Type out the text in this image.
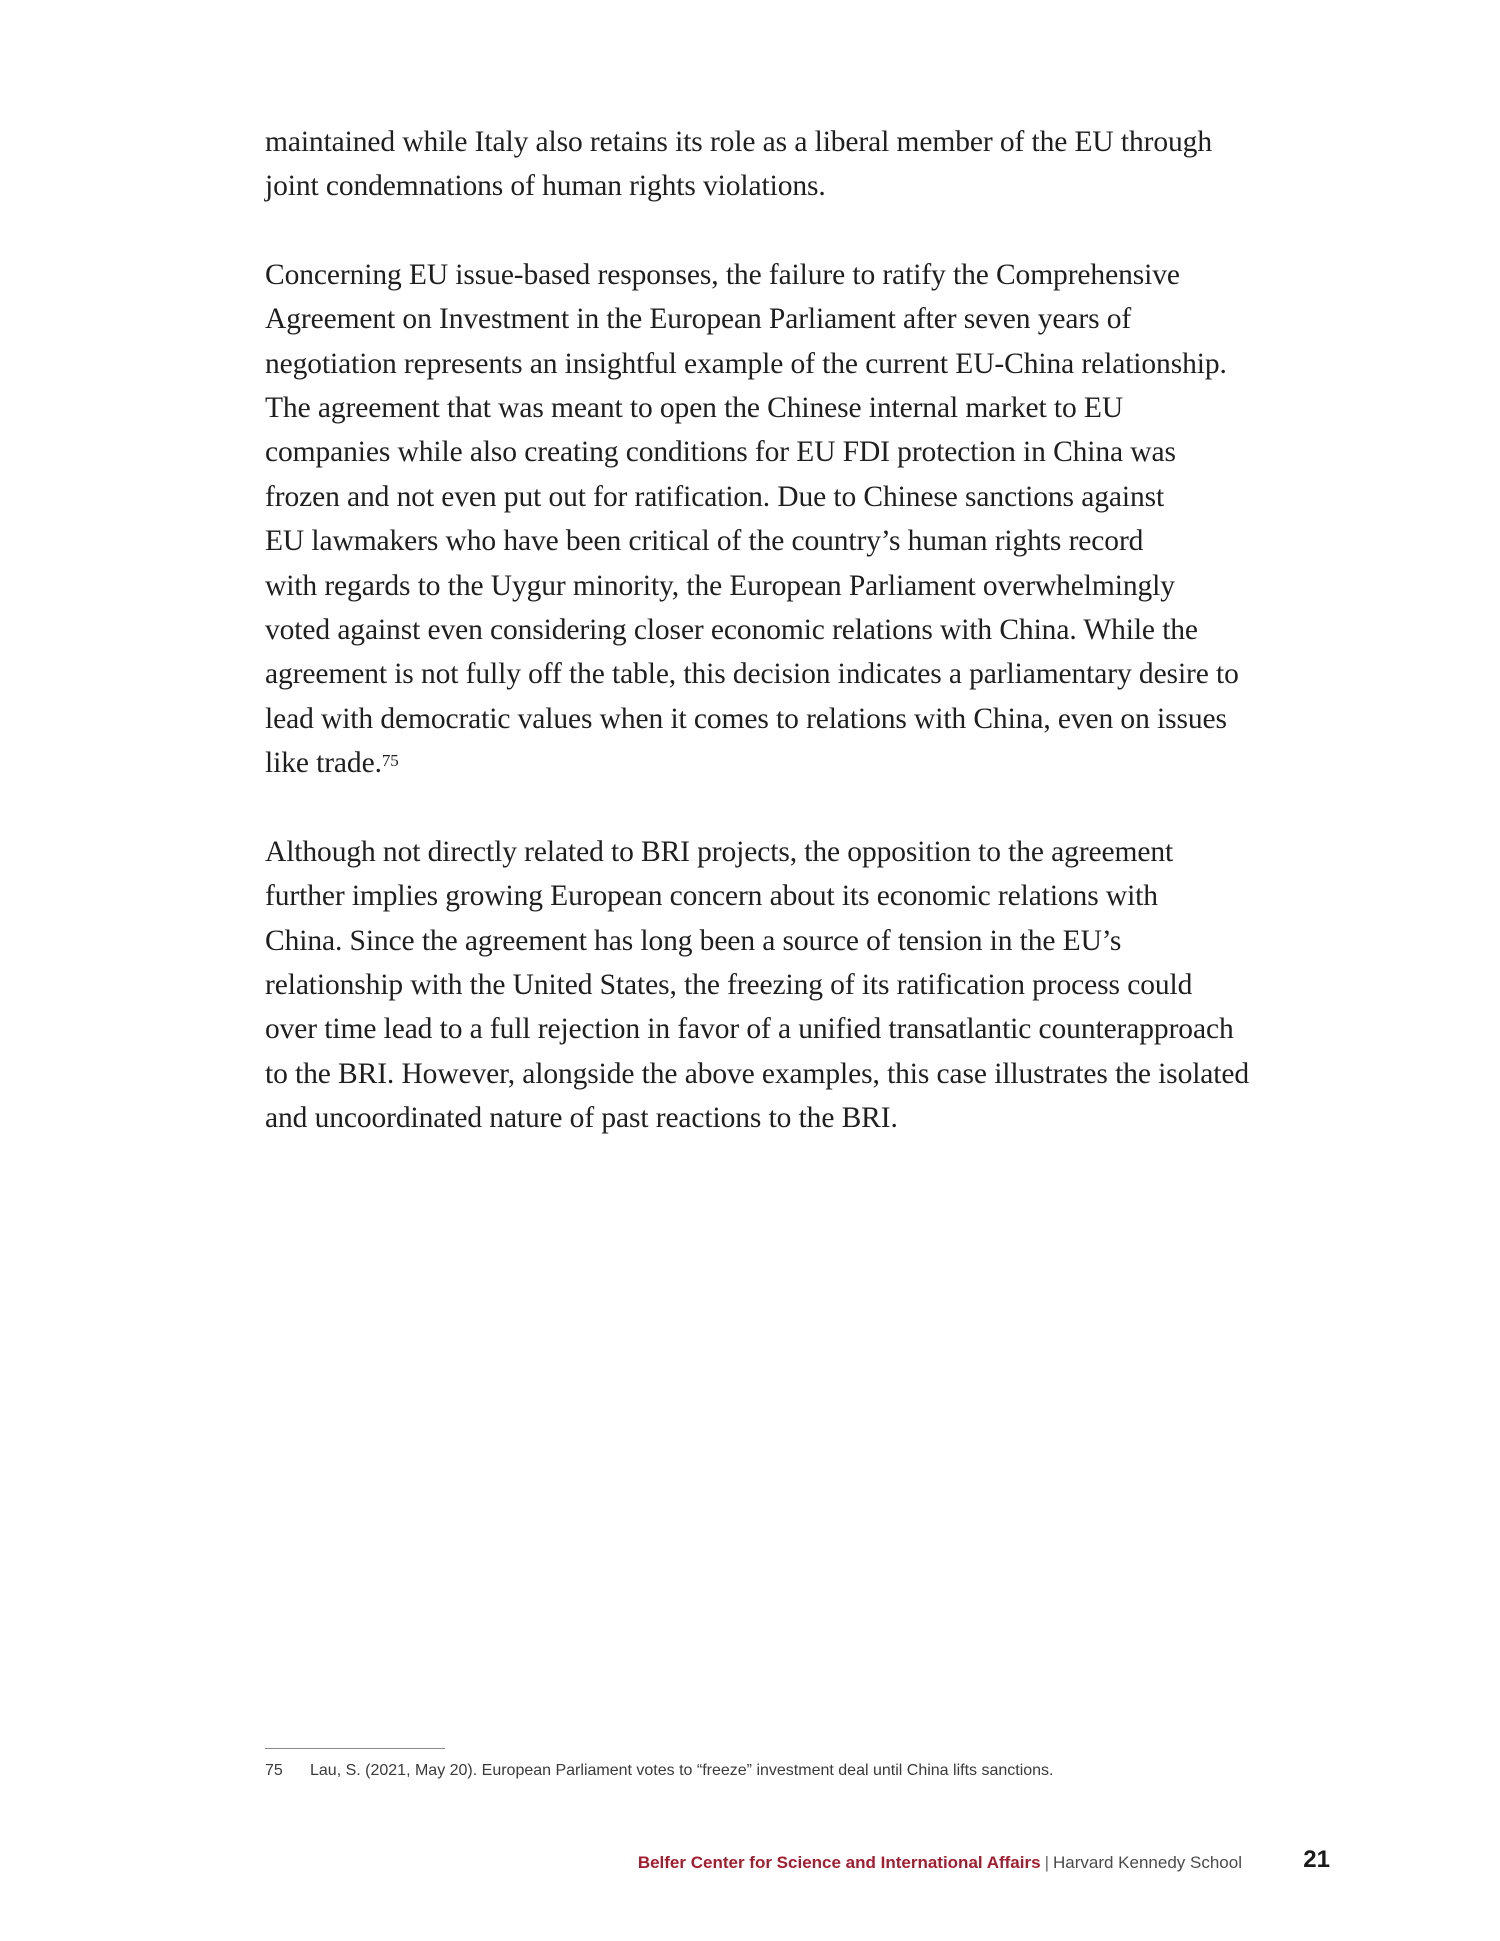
maintained while Italy also retains its role as a liberal member of the EU through
joint condemnations of human rights violations.

Concerning EU issue-based responses, the failure to ratify the Comprehensive
Agreement on Investment in the European Parliament after seven years of
negotiation represents an insightful example of the current EU-China relationship.
The agreement that was meant to open the Chinese internal market to EU
companies while also creating conditions for EU FDI protection in China was
frozen and not even put out for ratification. Due to Chinese sanctions against
EU lawmakers who have been critical of the country’s human rights record
with regards to the Uygur minority, the European Parliament overwhelmingly
voted against even considering closer economic relations with China. While the
agreement is not fully off the table, this decision indicates a parliamentary desire to
lead with democratic values when it comes to relations with China, even on issues
like trade.$^{75}$

Although not directly related to BRI projects, the opposition to the agreement
further implies growing European concern about its economic relations with
China. Since the agreement has long been a source of tension in the EU’s
relationship with the United States, the freezing of its ratification process could
over time lead to a full rejection in favor of a unified transatlantic counterapproach
to the BRI. However, alongside the above examples, this case illustrates the isolated
and uncoordinated nature of past reactions to the BRI.

75 Lau, S. (2021, May 20). European Parliament votes to “freeze” investment deal until China lifts sanctions.
Belfer Center for Science and International Affairs | Harvard Kennedy School	21
